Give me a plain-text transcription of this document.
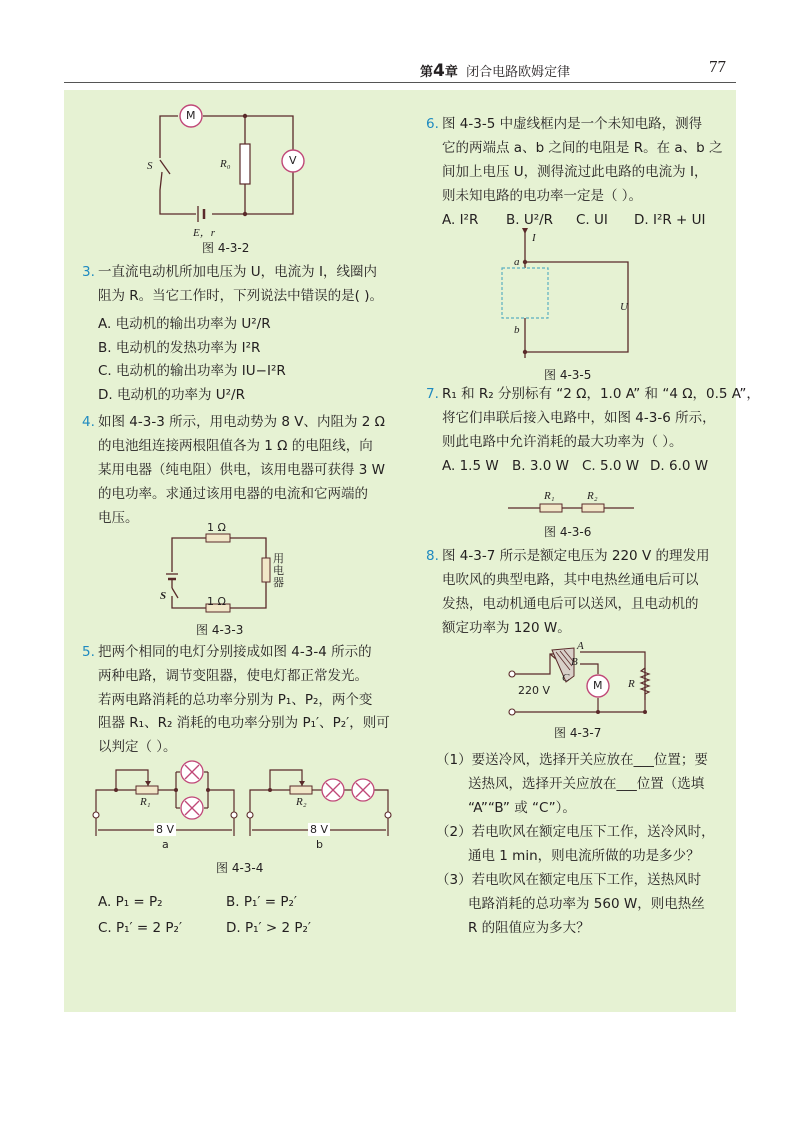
第4章 闭合电路欧姆定律	77
M
S	R₀	V
E，r
图 4-3-2
3. 一直流电动机所加电压为 U，电流为 I，线圈内
阻为 R。当它工作时，下列说法中错误的是( )。
A. 电动机的输出功率为 U²/R
B. 电动机的发热功率为 I²R
C. 电动机的输出功率为 IU−I²R
D. 电动机的功率为 U²/R
4. 如图 4-3-3 所示，用电动势为 8 V、内阻为 2 Ω
的电池组连接两根阻值各为 1 Ω 的电阻线，向
某用电器（纯电阻）供电，该用电器可获得 3 W
的电功率。求通过该用电器的电流和它两端的
电压。
1 Ω
1 Ω
用电器
S
图 4-3-3
5. 把两个相同的电灯分别接成如图 4-3-4 所示的
两种电路，调节变阻器，使电灯都正常发光。
若两电路消耗的总功率分别为 P₁、P₂，两个变
阻器 R₁、R₂ 消耗的电功率分别为 P₁′、P₂′，则可
以判定（ ）。
R₁	R₂
8 V	8 V
a	b
图 4-3-4
A. P₁ = P₂	B. P₁′ = P₂′
C. P₁′ = 2 P₂′	D. P₁′ > 2 P₂′
6. 图 4-3-5 中虚线框内是一个未知电路，测得
它的两端点 a、b 之间的电阻是 R。在 a、b 之
间加上电压 U，测得流过此电路的电流为 I，
则未知电路的电功率一定是（ ）。
A. I²R B. U²/R C. UI D. I²R + UI
I
a
b
U
图 4-3-5
7. R₁ 和 R₂ 分别标有 “2 Ω，1.0 A” 和 “4 Ω，0.5 A”，
将它们串联后接入电路中，如图 4-3-6 所示，
则此电路中允许消耗的最大功率为（ ）。
A. 1.5 W B. 3.0 W C. 5.0 W D. 6.0 W
R₁	R₂
图 4-3-6
8. 图 4-3-7 所示是额定电压为 220 V 的理发用
电吹风的典型电路，其中电热丝通电后可以
发热，电动机通电后可以送风，且电动机的
额定功率为 120 W。
220 V
A
B
C
M R
图 4-3-7
（1）要送冷风，选择开关应放在___位置；要
送热风，选择开关应放在___位置（选填
“A”“B” 或 “C”）。
（2）若电吹风在额定电压下工作，送冷风时，
通电 1 min，则电流所做的功是多少？
（3）若电吹风在额定电压下工作，送热风时
电路消耗的总功率为 560 W，则电热丝
R 的阻值应为多大？
